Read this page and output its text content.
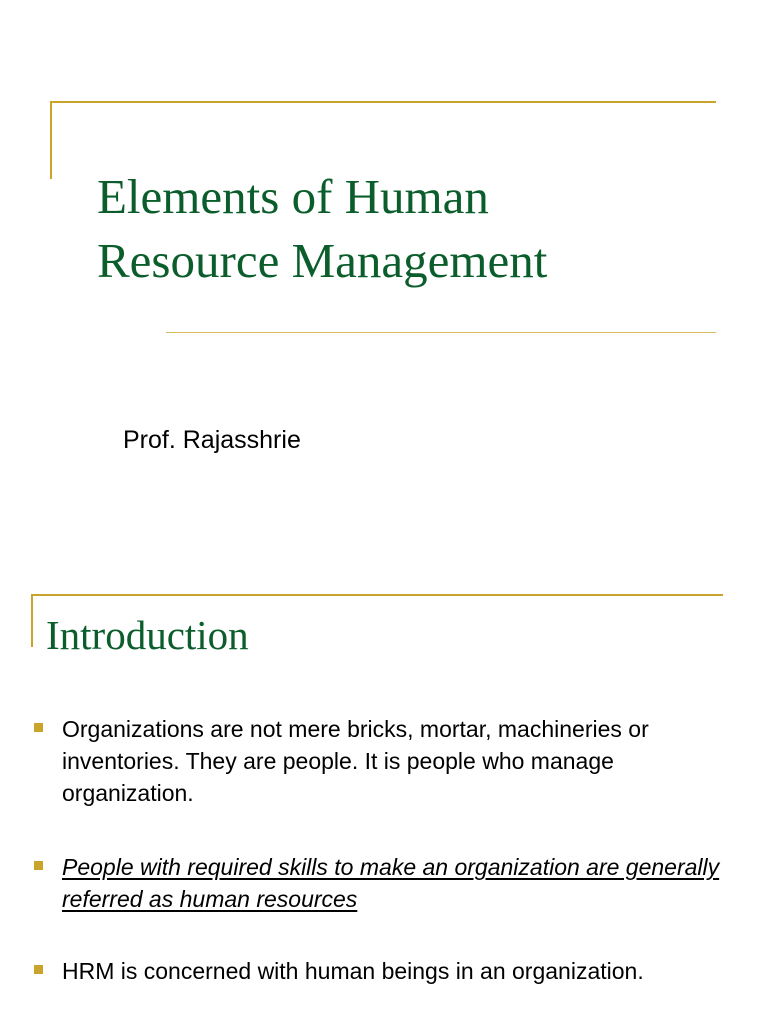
Elements of Human
Resource Management

Prof. Rajasshrie

Introduction
Organizations are not mere bricks, mortar, machineries or inventories. They are people. It is people who manage organization.
People with required skills to make an organization are generally referred as human resources
HRM is concerned with human beings in an organization.
